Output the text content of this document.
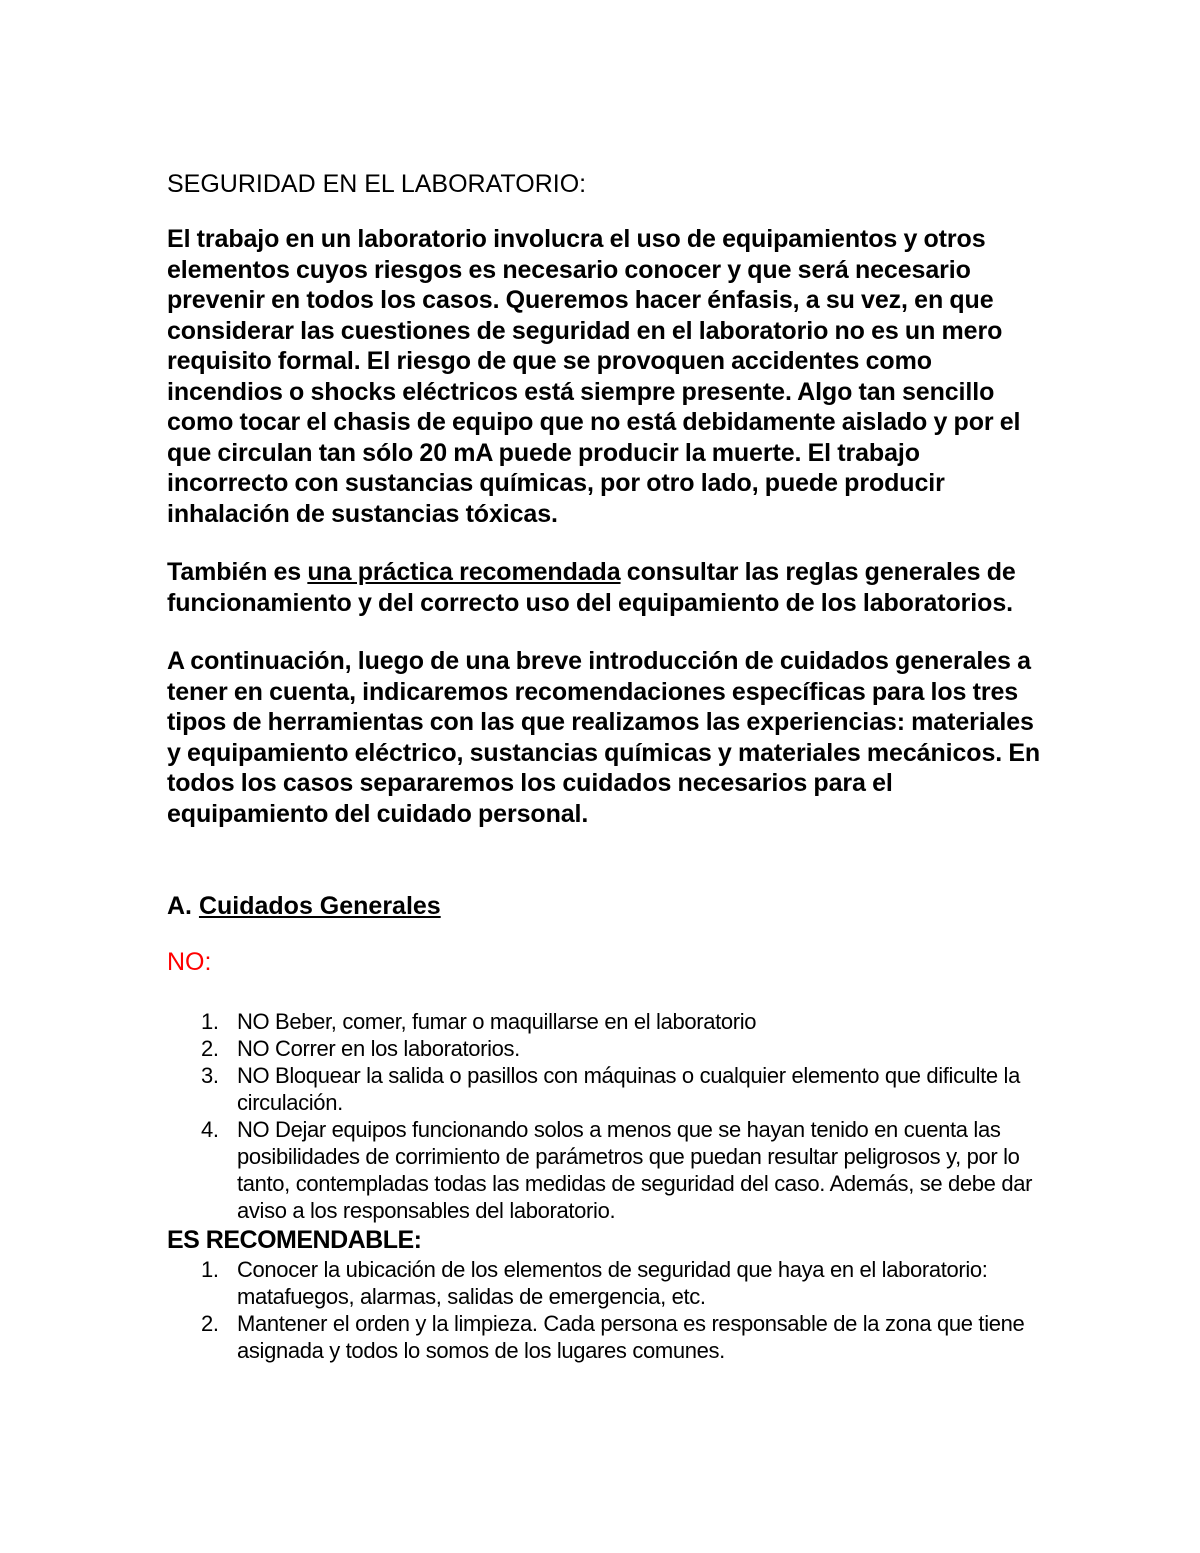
SEGURIDAD EN EL LABORATORIO:

El trabajo en un laboratorio involucra el uso de equipamientos y otros elementos cuyos riesgos es necesario conocer y que será necesario prevenir en todos los casos. Queremos hacer énfasis, a su vez, en que considerar las cuestiones de seguridad en el laboratorio no es un mero requisito formal. El riesgo de que se provoquen accidentes como incendios o shocks eléctricos está siempre presente. Algo tan sencillo como tocar el chasis de equipo que no está debidamente aislado y por el que circulan tan sólo 20 mA puede producir la muerte. El trabajo incorrecto con sustancias químicas, por otro lado, puede producir inhalación de sustancias tóxicas.

También es una práctica recomendada consultar las reglas generales de funcionamiento y del correcto uso del equipamiento de los laboratorios.

A continuación, luego de una breve introducción de cuidados generales a tener en cuenta, indicaremos recomendaciones específicas para los tres tipos de herramientas con las que realizamos las experiencias: materiales y equipamiento eléctrico, sustancias químicas y materiales mecánicos. En todos los casos separaremos los cuidados necesarios para el equipamiento del cuidado personal.

A. Cuidados Generales

NO:

1. NO Beber, comer, fumar o maquillarse en el laboratorio
2. NO Correr en los laboratorios.
3. NO Bloquear la salida o pasillos con máquinas o cualquier elemento que dificulte la circulación.
4. NO Dejar equipos funcionando solos a menos que se hayan tenido en cuenta las posibilidades de corrimiento de parámetros que puedan resultar peligrosos y, por lo tanto, contempladas todas las medidas de seguridad del caso. Además, se debe dar aviso a los responsables del laboratorio.

ES RECOMENDABLE:

1. Conocer la ubicación de los elementos de seguridad que haya en el laboratorio: matafuegos, alarmas, salidas de emergencia, etc.
2. Mantener el orden y la limpieza. Cada persona es responsable de la zona que tiene asignada y todos lo somos de los lugares comunes.
